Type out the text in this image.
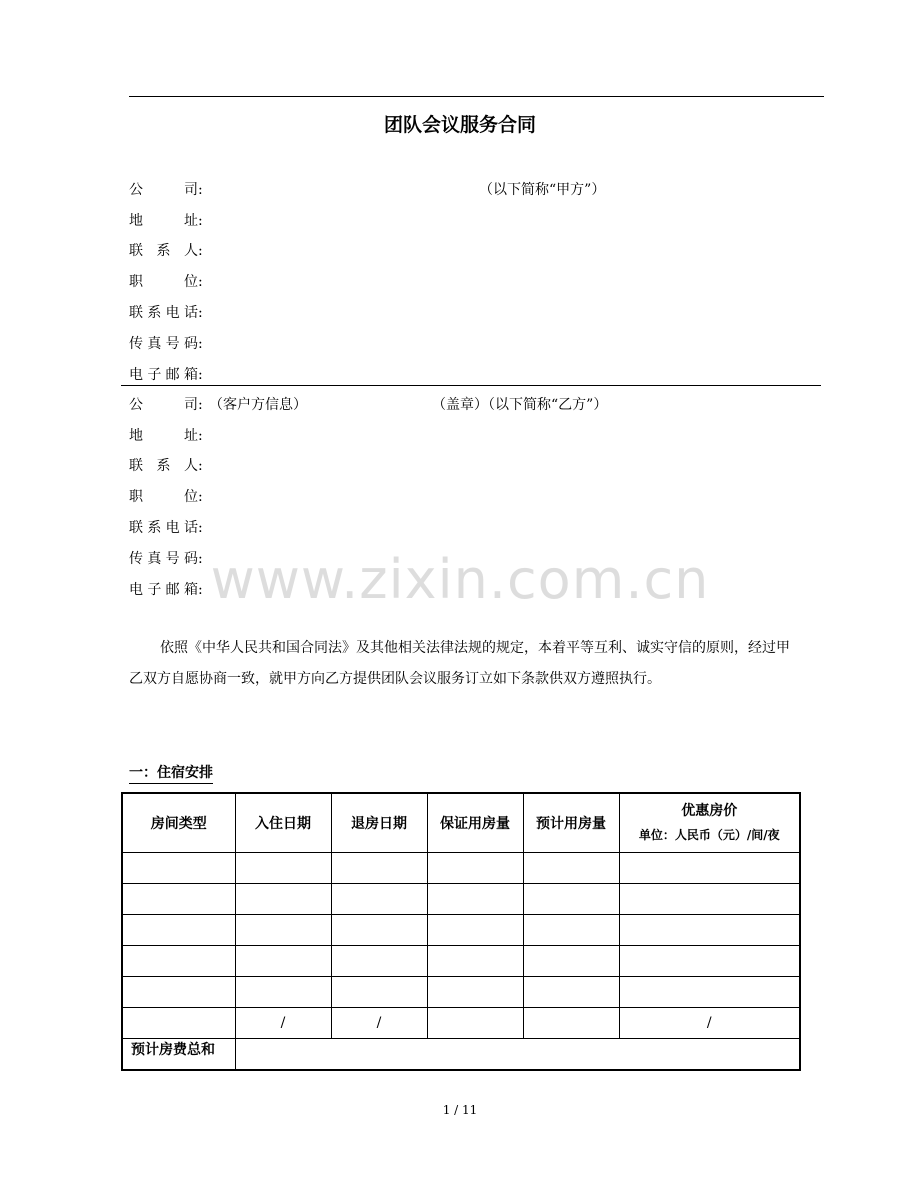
团队会议服务合同
公司:	（以下简称“甲方”）
地址:
联系人:
职位:
联系电话:
传真号码:
电子邮箱:
公司: （客户方信息）	（盖章）（以下简称“乙方”）
地址:
联系人:
职位:
联系电话:
传真号码:
电子邮箱: www.zixin.com.cn

依照《中华人民共和国合同法》及其他相关法律法规的规定，本着平等互利、诚实守信的原则，经过甲乙双方自愿协商一致，就甲方向乙方提供团队会议服务订立如下条款供双方遵照执行。

一：住宿安排
房间类型	入住日期	退房日期	保证用房量	预计用房量	优惠房价
单位：人民币（元）/间/夜

	/	/			/
预计房费总和					
1 / 11
